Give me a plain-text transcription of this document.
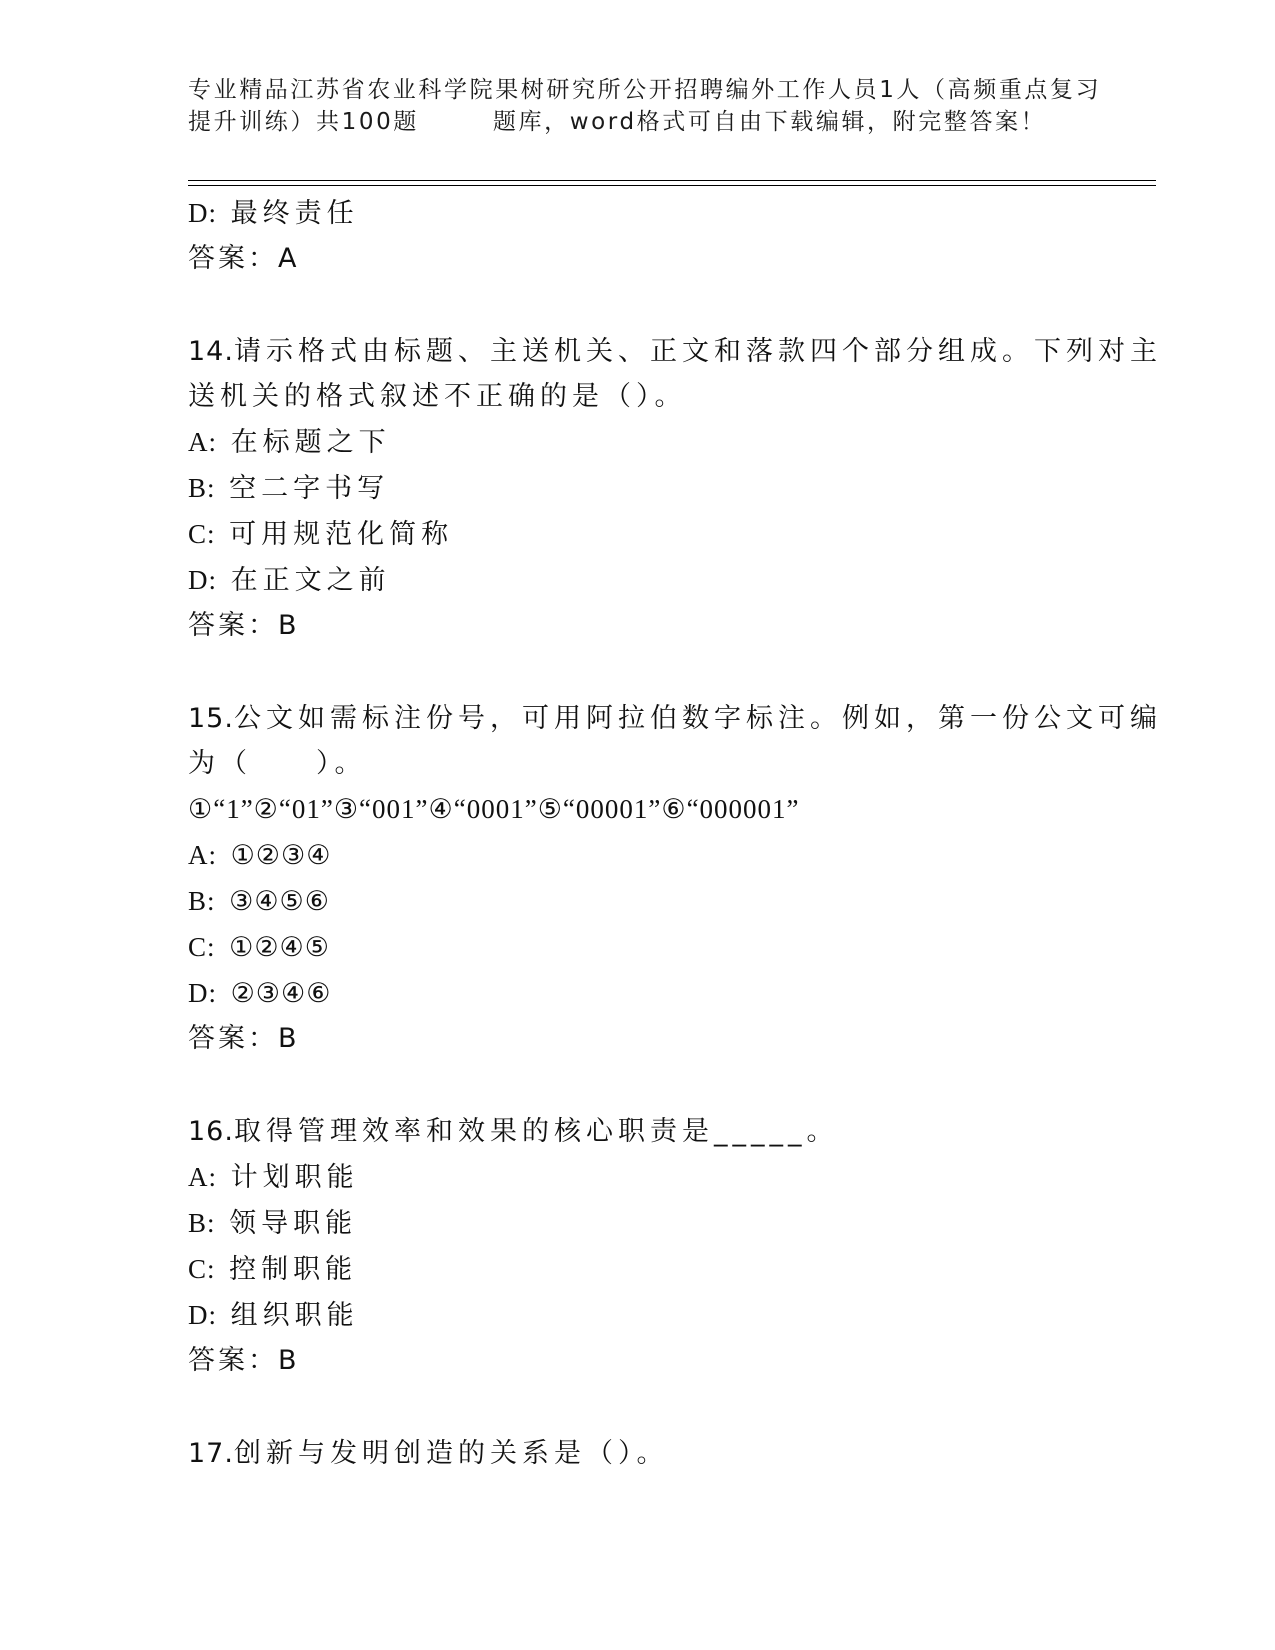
专业精品江苏省农业科学院果树研究所公开招聘编外工作人员1人（高频重点复习
提升训练）共100题	题库，word格式可自由下载编辑，附完整答案！
D: 最终责任
答案：A
14.请示格式由标题、主送机关、正文和落款四个部分组成。下列对主
送机关的格式叙述不正确的是（）。
A: 在标题之下
B: 空二字书写
C: 可用规范化简称
D: 在正文之前
答案：B
15.公文如需标注份号，可用阿拉伯数字标注。例如，第一份公文可编
为（　　）。
①“1”②“01”③“001”④“0001”⑤“00001”⑥“000001”
A: ①②③④
B: ③④⑤⑥
C: ①②④⑤
D: ②③④⑥
答案：B
16.取得管理效率和效果的核心职责是_____。
A: 计划职能
B: 领导职能
C: 控制职能
D: 组织职能
答案：B
17.创新与发明创造的关系是（）。
